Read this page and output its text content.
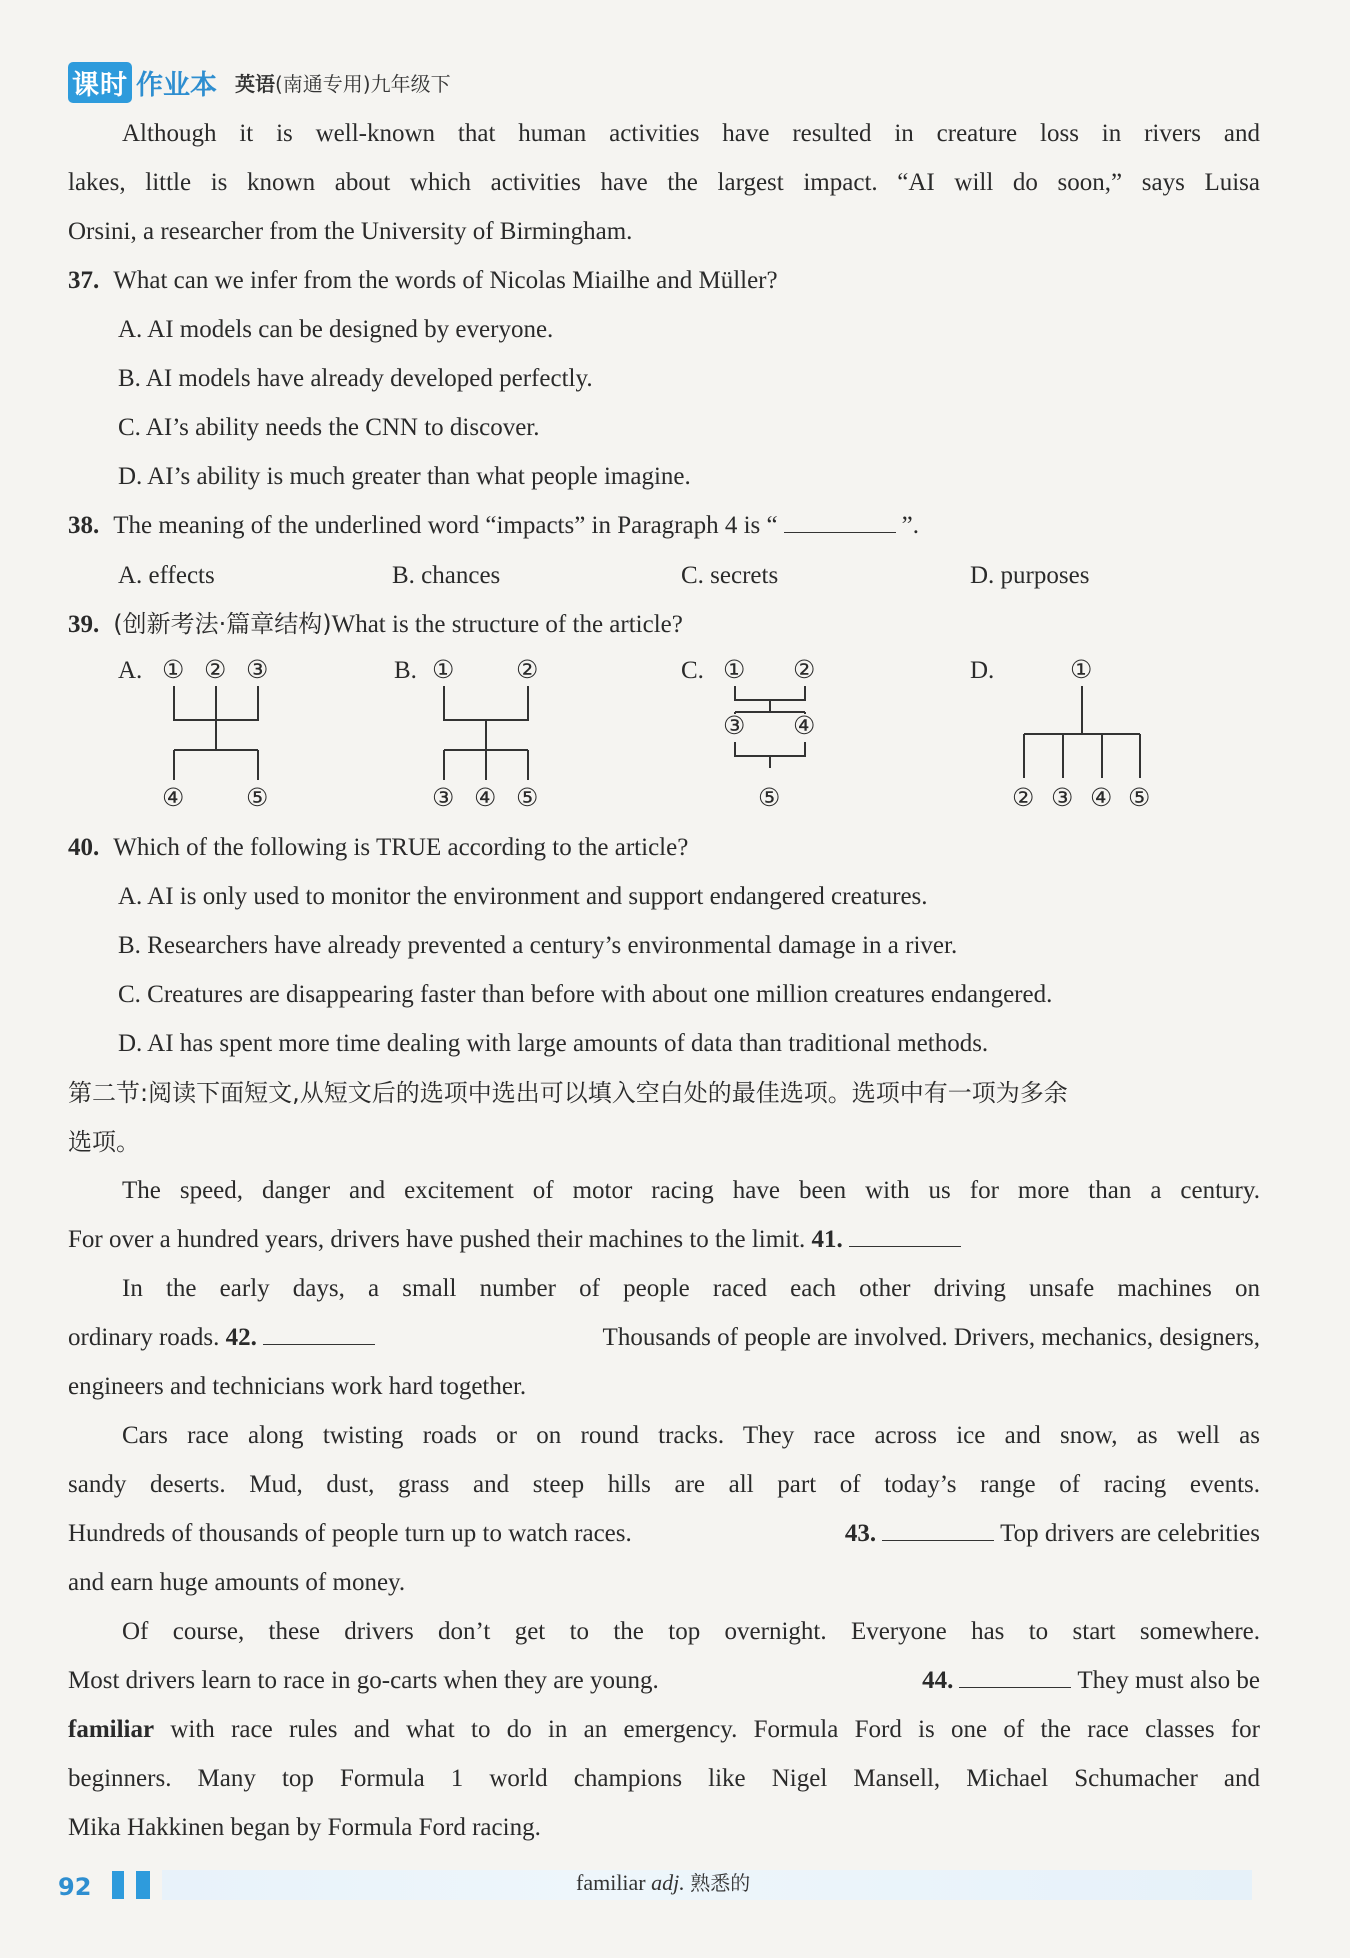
课时 作业本 英语(南通专用)九年级下
Although it is well-known that human activities have resulted in creature loss in rivers and
lakes, little is known about which activities have the largest impact. “AI will do soon,” says Luisa
Orsini, a researcher from the University of Birmingham.
37. What can we infer from the words of Nicolas Miailhe and Müller?
A. AI models can be designed by everyone.
B. AI models have already developed perfectly.
C. AI’s ability needs the CNN to discover.
D. AI’s ability is much greater than what people imagine.
38. The meaning of the underlined word “impacts” in Paragraph 4 is “	”.
A. effects	B. chances	C. secrets	D. purposes
39. (创新考法·篇章结构)What is the structure of the article?
A. ① ② ③
④ ⑤
B. ① ②
③ ④ ⑤
C. ① ②
③ ④
⑤
D.	①
② ③ ④ ⑤
40. Which of the following is TRUE according to the article?
A. AI is only used to monitor the environment and support endangered creatures.
B. Researchers have already prevented a century’s environmental damage in a river.
C. Creatures are disappearing faster than before with about one million creatures endangered.
D. AI has spent more time dealing with large amounts of data than traditional methods.
第二节:阅读下面短文,从短文后的选项中选出可以填入空白处的最佳选项。选项中有一项为多余
选项。
The speed, danger and excitement of motor racing have been with us for more than a century.
For over a hundred years, drivers have pushed their machines to the limit. 41.
In the early days, a small number of people raced each other driving unsafe machines on
ordinary roads. 42.	Thousands of people are involved. Drivers, mechanics, designers,
engineers and technicians work hard together.
Cars race along twisting roads or on round tracks. They race across ice and snow, as well as
sandy deserts. Mud, dust, grass and steep hills are all part of today’s range of racing events.
Hundreds of thousands of people turn up to watch races.	43.	Top drivers are celebrities
and earn huge amounts of money.
Of course, these drivers don’t get to the top overnight. Everyone has to start somewhere.
Most drivers learn to race in go-carts when they are young.	44.	They must also be
familiar with race rules and what to do in an emergency. Formula Ford is one of the race classes for
beginners. Many top Formula 1 world champions like Nigel Mansell, Michael Schumacher and
Mika Hakkinen began by Formula Ford racing.
92	familiar adj. 熟悉的
